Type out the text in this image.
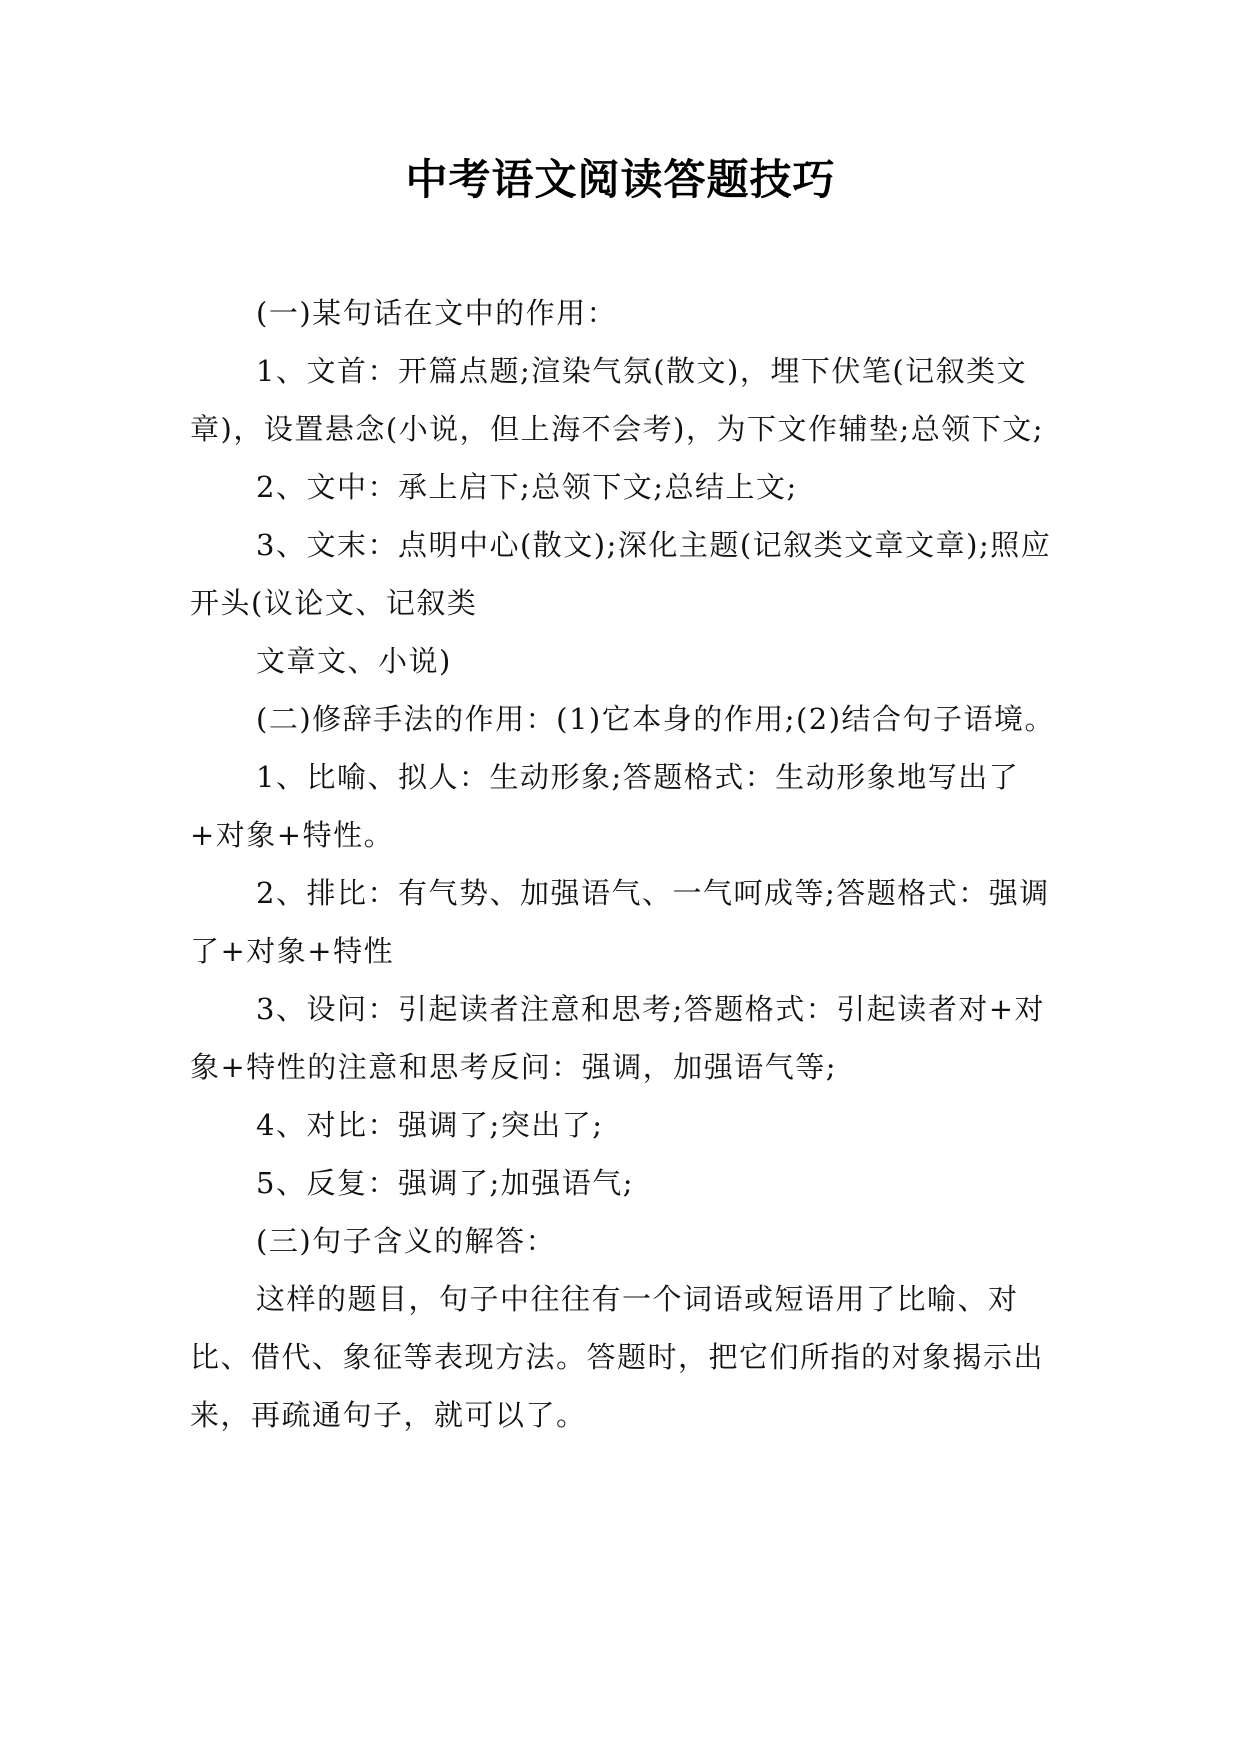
中考语文阅读答题技巧

(一)某句话在文中的作用：

1、文首：开篇点题;渲染气氛(散文)，埋下伏笔(记叙类文章)，设置悬念(小说，但上海不会考)，为下文作辅垫;总领下文;

2、文中：承上启下;总领下文;总结上文;

3、文末：点明中心(散文);深化主题(记叙类文章文章);照应开头(议论文、记叙类

文章文、小说)

(二)修辞手法的作用：(1)它本身的作用;(2)结合句子语境。

1、比喻、拟人：生动形象;答题格式：生动形象地写出了+对象+特性。

2、排比：有气势、加强语气、一气呵成等;答题格式：强调了+对象+特性

3、设问：引起读者注意和思考;答题格式：引起读者对+对象+特性的注意和思考反问：强调，加强语气等;

4、对比：强调了;突出了;

5、反复：强调了;加强语气;

(三)句子含义的解答：

这样的题目，句子中往往有一个词语或短语用了比喻、对比、借代、象征等表现方法。答题时，把它们所指的对象揭示出来，再疏通句子，就可以了。
